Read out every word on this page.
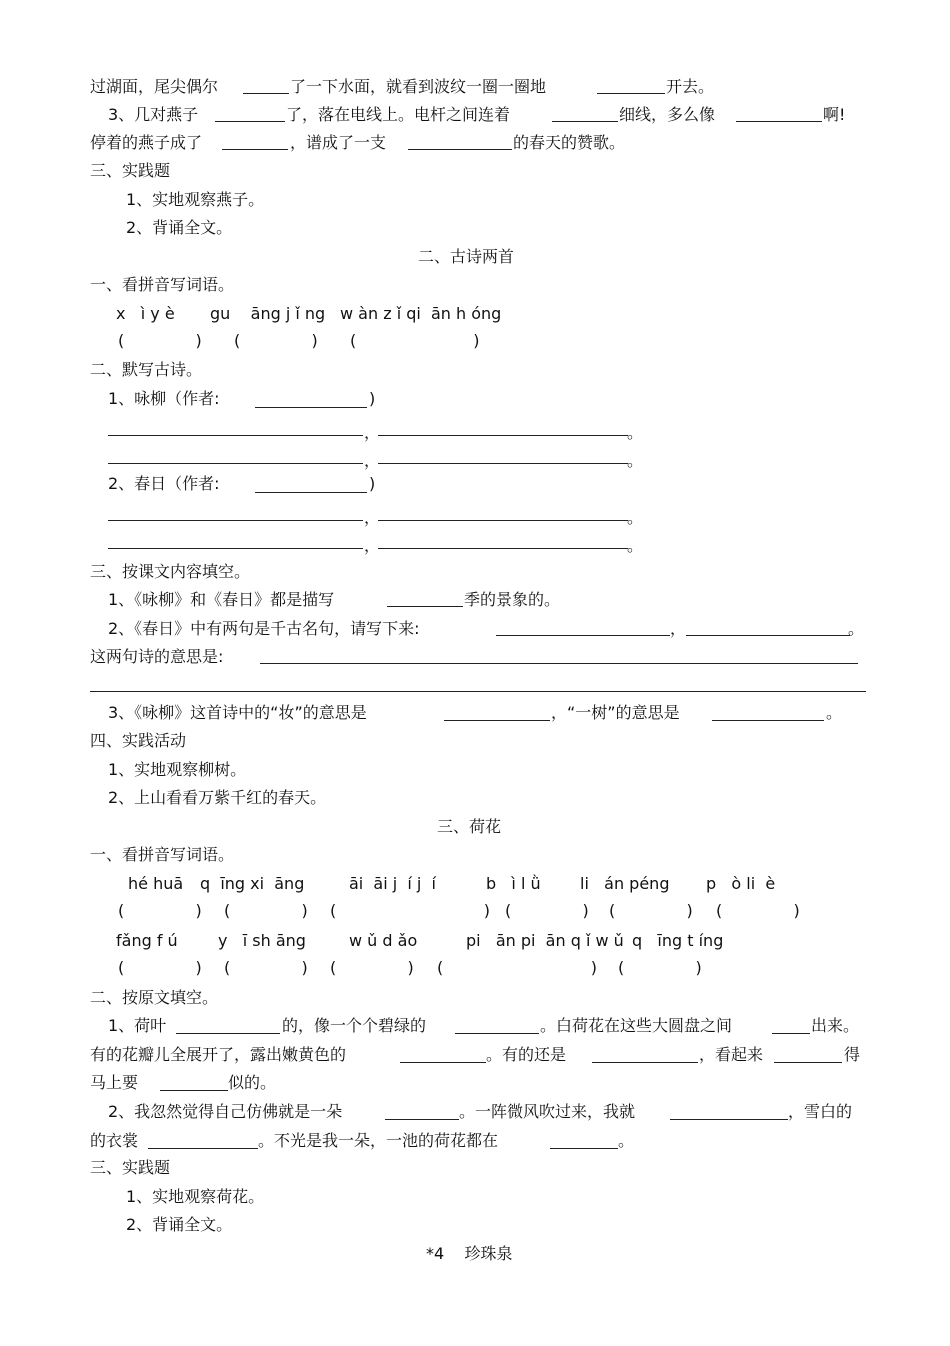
过湖面，尾尖偶尔	了一下水面，就看到波纹一圈一圈地	开去。
3、几对燕子	了，落在电线上。电杆之间连着	细线，多么像	啊!
停着的燕子成了	，谱成了一支	的春天的赞歌。
三、实践题
1、实地观察燕子。
2、背诵全文。
二、古诗两首
一、看拼音写词语。
x   ì y è gu    āng j ǐ ng w àn z ǐ qi  ān h óng
(              ) (              ) (                       )
二、默写古诗。
1、咏柳（作者:	)
，	。
，	。
2、春日（作者:	)
，	。
，	。
三、按课文内容填空。
1、《咏柳》和《春日》都是描写	季的景象的。
2、《春日》中有两句是千古名句，请写下来:	，	。
这两句诗的意思是:
3、《咏柳》这首诗中的“妆”的意思是	，“一树”的意思是	。
四、实践活动
1、实地观察柳树。
2、上山看看万紫千红的春天。
三、荷花
一、看拼音写词语。
hé huā q  īng xi  āng	āi  āi j  í j  í	b   ì l ǜ li   án péng p   ò li  è
(              ) (              ) (                             ) (              ) (              ) (              )
fǎng f ú	y   ī sh āng	w ǔ d ǎo	pi   ān pi  ān q ǐ w ǔ q   īng t íng
(              ) (              ) (              ) (                             ) (              )
二、按原文填空。
1、荷叶	的，像一个个碧绿的	。白荷花在这些大圆盘之间	出来。
有的花瓣儿全展开了，露出嫩黄色的	。有的还是	，看起来	得
马上要	似的。
2、我忽然觉得自己仿佛就是一朵	。一阵微风吹过来，我就	，雪白的
的衣裳	。不光是我一朵，一池的荷花都在	。
三、实践题
1、实地观察荷花。
2、背诵全文。
*4    珍珠泉
